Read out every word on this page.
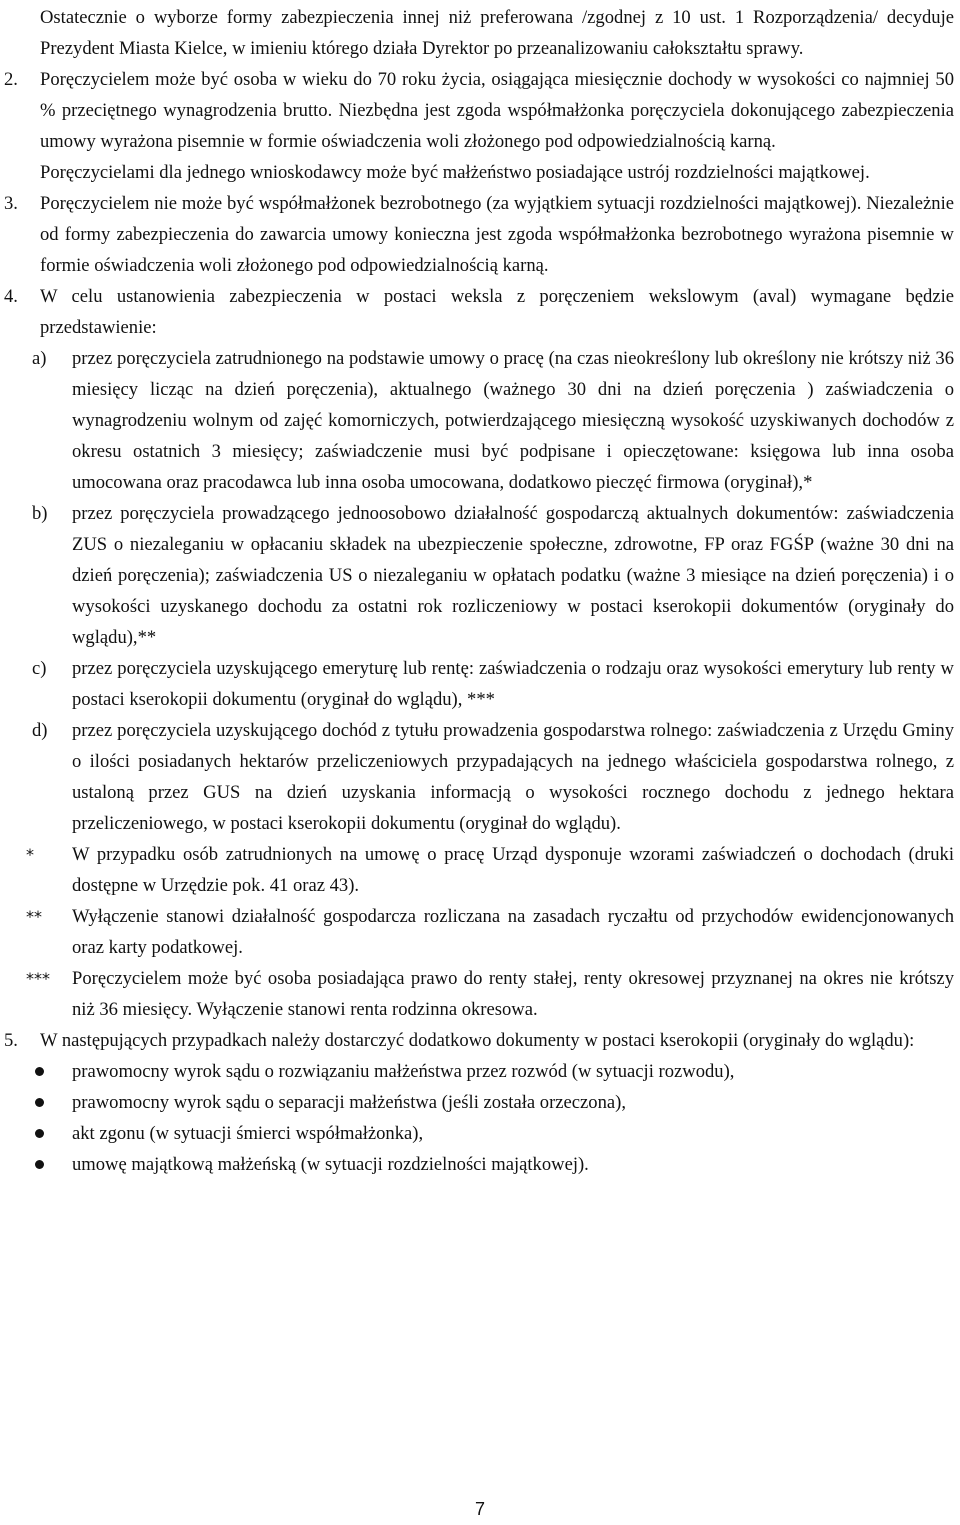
Ostatecznie o wyborze formy zabezpieczenia innej niż preferowana /zgodnej z 10 ust. 1 Rozporządzenia/ decyduje Prezydent Miasta Kielce, w imieniu którego działa Dyrektor po przeanalizowaniu całokształtu sprawy.

2.	Poręczycielem może być osoba w wieku do 70 roku życia, osiągająca miesięcznie dochody w wysokości co najmniej 50 % przeciętnego wynagrodzenia brutto. Niezbędna jest zgoda współmałżonka poręczyciela dokonującego zabezpieczenia umowy wyrażona pisemnie w formie oświadczenia woli złożonego pod odpowiedzialnością karną.

Poręczycielami dla jednego wnioskodawcy może być małżeństwo posiadające ustrój rozdzielności majątkowej.

3.	Poręczycielem nie może być współmałżonek bezrobotnego (za wyjątkiem sytuacji rozdzielności majątkowej). Niezależnie od formy zabezpieczenia do zawarcia umowy konieczna jest zgoda współmałżonka bezrobotnego wyrażona pisemnie w formie oświadczenia woli złożonego pod odpowiedzialnością karną.

4.	W celu ustanowienia zabezpieczenia w postaci weksla z poręczeniem wekslowym (aval) wymagane będzie przedstawienie:

a)	przez poręczyciela zatrudnionego na podstawie umowy o pracę (na czas nieokreślony lub określony nie krótszy niż 36 miesięcy licząc na dzień poręczenia), aktualnego (ważnego 30 dni na dzień poręczenia ) zaświadczenia o wynagrodzeniu wolnym od zajęć komorniczych, potwierdzającego miesięczną wysokość uzyskiwanych dochodów z okresu ostatnich 3 miesięcy; zaświadczenie musi być podpisane i opieczętowane: księgowa lub inna osoba umocowana oraz pracodawca lub inna osoba umocowana, dodatkowo pieczęć firmowa (oryginał),*

b)	przez poręczyciela prowadzącego jednoosobowo działalność gospodarczą aktualnych dokumentów: zaświadczenia ZUS o niezaleganiu w opłacaniu składek na ubezpieczenie społeczne, zdrowotne, FP oraz FGŚP (ważne 30 dni na dzień poręczenia); zaświadczenia US o niezaleganiu w opłatach podatku (ważne 3 miesiące na dzień poręczenia) i o wysokości uzyskanego dochodu za ostatni rok rozliczeniowy w postaci kserokopii dokumentów (oryginały do wglądu),**

c)	przez poręczyciela uzyskującego emeryturę lub rentę: zaświadczenia o rodzaju oraz wysokości emerytury lub renty w postaci kserokopii dokumentu (oryginał do wglądu), ***

d)	przez poręczyciela uzyskującego dochód z tytułu prowadzenia gospodarstwa rolnego: zaświadczenia z Urzędu Gminy o ilości posiadanych hektarów przeliczeniowych przypadających na jednego właściciela gospodarstwa rolnego, z ustaloną przez GUS na dzień uzyskania informacją o wysokości rocznego dochodu z jednego hektara przeliczeniowego, w postaci kserokopii dokumentu (oryginał do wglądu).

*	W przypadku osób zatrudnionych na umowę o pracę Urząd dysponuje wzorami zaświadczeń o dochodach (druki dostępne w Urzędzie pok. 41 oraz 43).

**	Wyłączenie stanowi działalność gospodarcza rozliczana na zasadach ryczałtu od przychodów ewidencjonowanych oraz karty podatkowej.

***	Poręczycielem może być osoba posiadająca prawo do renty stałej, renty okresowej przyznanej na okres nie krótszy niż 36 miesięcy. Wyłączenie stanowi renta rodzinna okresowa.

5.	W następujących przypadkach należy dostarczyć dodatkowo dokumenty w postaci kserokopii (oryginały do wglądu):

prawomocny wyrok sądu o rozwiązaniu małżeństwa przez rozwód (w sytuacji rozwodu),

prawomocny wyrok sądu o separacji małżeństwa (jeśli została orzeczona),

akt zgonu (w sytuacji śmierci współmałżonka),

umowę majątkową małżeńską (w sytuacji rozdzielności majątkowej).

7
